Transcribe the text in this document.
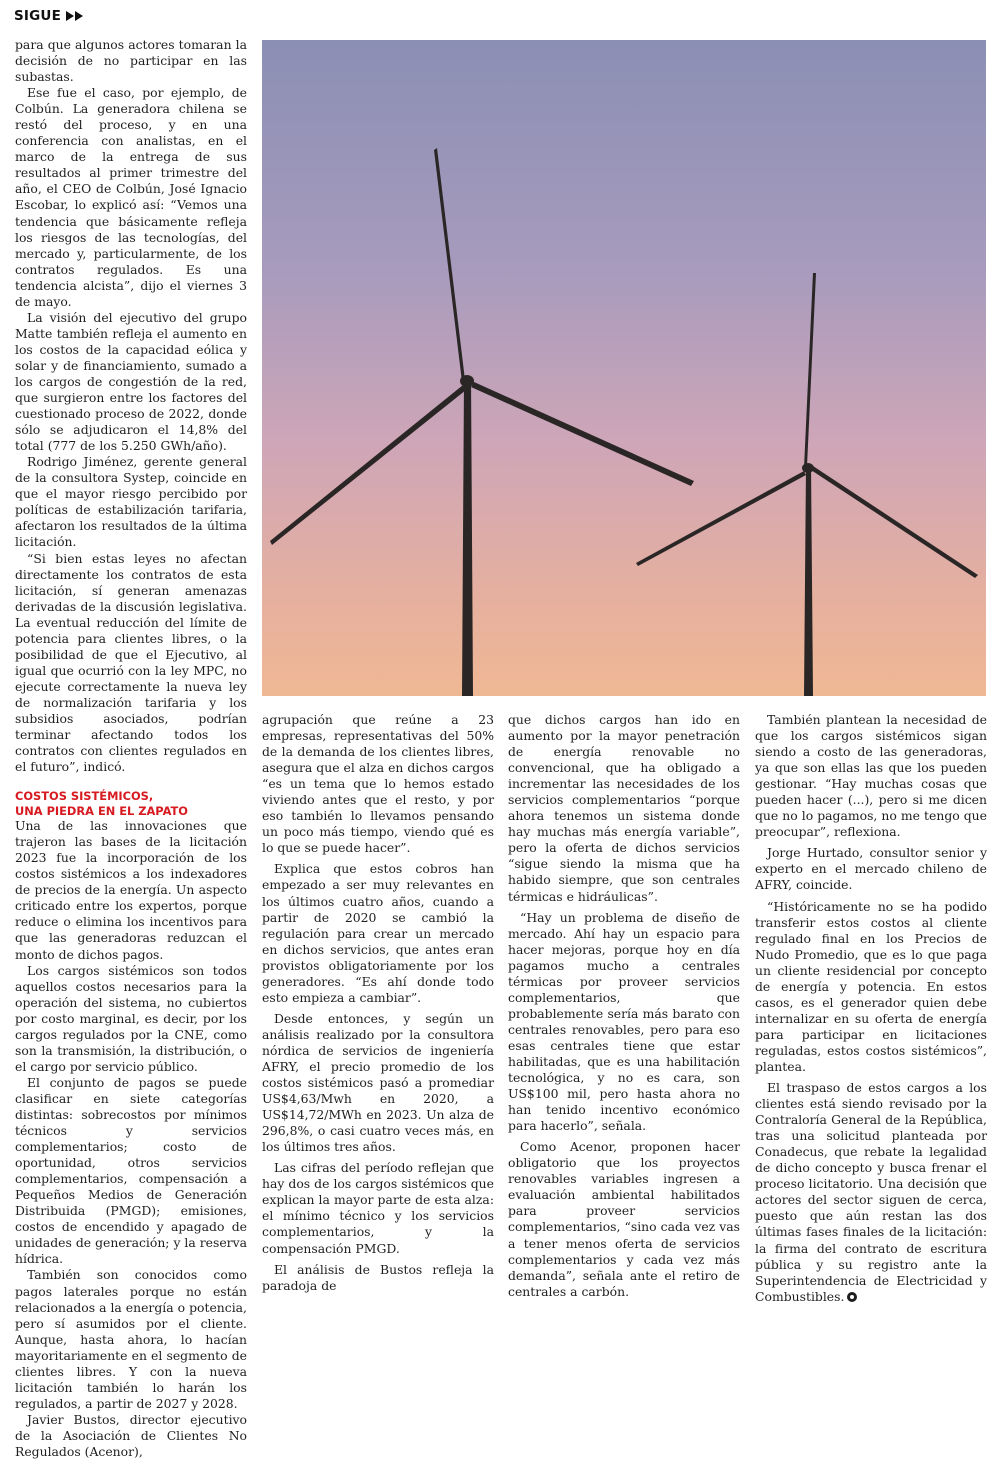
SIGUE

para que algunos actores tomaran la decisión de no participar en las subastas.

Ese fue el caso, por ejemplo, de Colbún. La generadora chilena se restó del proceso, y en una conferencia con analistas, en el marco de la entrega de sus resultados al primer trimestre del año, el CEO de Colbún, José Ignacio Escobar, lo explicó así: “Vemos una tendencia que básicamente refleja los riesgos de las tecnologías, del mercado y, particularmente, de los contratos regulados. Es una tendencia alcista”, dijo el viernes 3 de mayo.

La visión del ejecutivo del grupo Matte también refleja el aumento en los costos de la capacidad eólica y solar y de financiamiento, sumado a los cargos de congestión de la red, que surgieron entre los factores del cuestionado proceso de 2022, donde sólo se adjudicaron el 14,8% del total (777 de los 5.250 GWh/año).

Rodrigo Jiménez, gerente general de la consultora Systep, coincide en que el mayor riesgo percibido por políticas de estabilización tarifaria, afectaron los resultados de la última licitación.

“Si bien estas leyes no afectan directamente los contratos de esta licitación, sí generan amenazas derivadas de la discusión legislativa. La eventual reducción del límite de potencia para clientes libres, o la posibilidad de que el Ejecutivo, al igual que ocurrió con la ley MPC, no ejecute correctamente la nueva ley de normalización tarifaria y los subsidios asociados, podrían terminar afectando todos los contratos con clientes regulados en el futuro”, indicó.

COSTOS SISTÉMICOS,
UNA PIEDRA EN EL ZAPATO

Una de las innovaciones que trajeron las bases de la licitación 2023 fue la incorporación de los costos sistémicos a los indexadores de precios de la energía. Un aspecto criticado entre los expertos, porque reduce o elimina los incentivos para que las generadoras reduzcan el monto de dichos pagos.

Los cargos sistémicos son todos aquellos costos necesarios para la operación del sistema, no cubiertos por costo marginal, es decir, por los cargos regulados por la CNE, como son la transmisión, la distribución, o el cargo por servicio público.

El conjunto de pagos se puede clasificar en siete categorías distintas: sobrecostos por mínimos técnicos y servicios complementarios; costo de oportunidad, otros servicios complementarios, compensación a Pequeños Medios de Generación Distribuida (PMGD); emisiones, costos de encendido y apagado de unidades de generación; y la reserva hídrica.

También son conocidos como pagos laterales porque no están relacionados a la energía o potencia, pero sí asumidos por el cliente. Aunque, hasta ahora, lo hacían mayoritariamente en el segmento de clientes libres. Y con la nueva licitación también lo harán los regulados, a partir de 2027 y 2028.

Javier Bustos, director ejecutivo de la Asociación de Clientes No Regulados (Acenor),

agrupación que reúne a 23 empresas, representativas del 50% de la demanda de los clientes libres, asegura que el alza en dichos cargos “es un tema que lo hemos estado viviendo antes que el resto, y por eso también lo llevamos pensando un poco más tiempo, viendo qué es lo que se puede hacer”.

Explica que estos cobros han empezado a ser muy relevantes en los últimos cuatro años, cuando a partir de 2020 se cambió la regulación para crear un mercado en dichos servicios, que antes eran provistos obligatoriamente por los generadores. “Es ahí donde todo esto empieza a cambiar”.

Desde entonces, y según un análisis realizado por la consultora nórdica de servicios de ingeniería AFRY, el precio promedio de los costos sistémicos pasó a promediar US$4,63/Mwh en 2020, a US$14,72/MWh en 2023. Un alza de 296,8%, o casi cuatro veces más, en los últimos tres años.

Las cifras del período reflejan que hay dos de los cargos sistémicos que explican la mayor parte de esta alza: el mínimo técnico y los servicios complementarios, y la compensación PMGD.

El análisis de Bustos refleja la paradoja de

que dichos cargos han ido en aumento por la mayor penetración de energía renovable no convencional, que ha obligado a incrementar las necesidades de los servicios complementarios “porque ahora tenemos un sistema donde hay muchas más energía variable”, pero la oferta de dichos servicios “sigue siendo la misma que ha habido siempre, que son centrales térmicas e hidráulicas”.

“Hay un problema de diseño de mercado. Ahí hay un espacio para hacer mejoras, porque hoy en día pagamos mucho a centrales térmicas por proveer servicios complementarios, que probablemente sería más barato con centrales renovables, pero para eso esas centrales tiene que estar habilitadas, que es una habilitación tecnológica, y no es cara, son US$100 mil, pero hasta ahora no han tenido incentivo económico para hacerlo”, señala.

Como Acenor, proponen hacer obligatorio que los proyectos renovables variables ingresen a evaluación ambiental habilitados para proveer servicios complementarios, “sino cada vez vas a tener menos oferta de servicios complementarios y cada vez más demanda”, señala ante el retiro de centrales a carbón.

También plantean la necesidad de que los cargos sistémicos sigan siendo a costo de las generadoras, ya que son ellas las que los pueden gestionar. “Hay muchas cosas que pueden hacer (...), pero si me dicen que no lo pagamos, no me tengo que preocupar”, reflexiona.

Jorge Hurtado, consultor senior y experto en el mercado chileno de AFRY, coincide.

“Históricamente no se ha podido transferir estos costos al cliente regulado final en los Precios de Nudo Promedio, que es lo que paga un cliente residencial por concepto de energía y potencia. En estos casos, es el generador quien debe internalizar en su oferta de energía para participar en licitaciones reguladas, estos costos sistémicos”, plantea.

El traspaso de estos cargos a los clientes está siendo revisado por la Contraloría General de la República, tras una solicitud planteada por Conadecus, que rebate la legalidad de dicho concepto y busca frenar el proceso licitatorio. Una decisión que actores del sector siguen de cerca, puesto que aún restan las dos últimas fases finales de la licitación: la firma del contrato de escritura pública y su registro ante la Superintendencia de Electricidad y Combustibles.
